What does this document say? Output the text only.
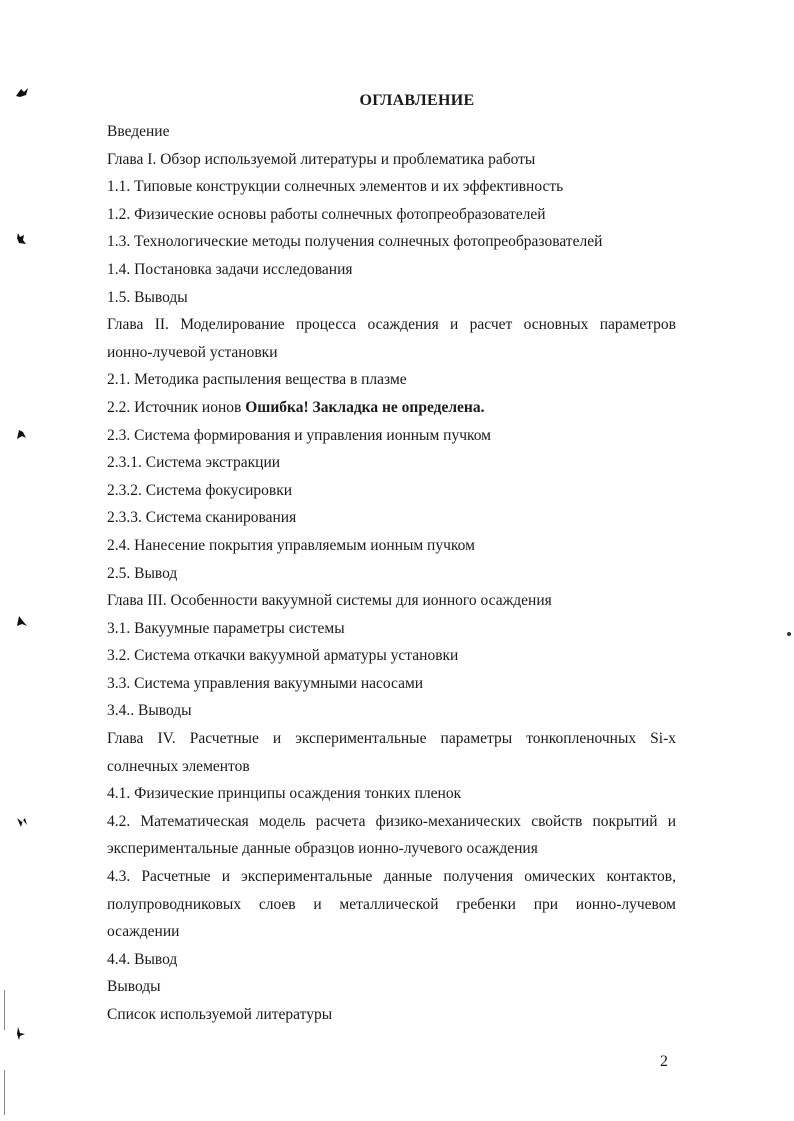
ОГЛАВЛЕНИЕ
Введение
Глава I. Обзор используемой литературы и проблематика работы
1.1. Типовые конструкции солнечных элементов и их эффективность
1.2. Физические основы работы солнечных фотопреобразователей
1.3. Технологические методы получения солнечных фотопреобразователей
1.4. Постановка задачи исследования
1.5. Выводы
Глава II. Моделирование процесса осаждения и расчет основных параметров
ионно-лучевой установки
2.1. Методика распыления вещества в плазме
2.2. Источник ионов Ошибка! Закладка не определена.
2.3. Система формирования и управления ионным пучком
2.3.1. Система экстракции
2.3.2. Система фокусировки
2.3.3. Система сканирования
2.4. Нанесение покрытия управляемым ионным пучком
2.5. Вывод
Глава III. Особенности вакуумной системы для ионного осаждения
3.1. Вакуумные параметры системы
3.2. Система откачки вакуумной арматуры установки
3.3. Система управления вакуумными насосами
3.4.. Выводы
Глава IV. Расчетные и экспериментальные параметры тонкопленочных Si-x
солнечных элементов
4.1. Физические принципы осаждения тонких пленок
4.2. Математическая модель расчета физико-механических свойств покрытий и
экспериментальные данные образцов ионно-лучевого осаждения
4.3. Расчетные и экспериментальные данные получения омических контактов,
полупроводниковых слоев и металлической гребенки при ионно-лучевом
осаждении
4.4. Вывод
Выводы
Список используемой литературы
2
